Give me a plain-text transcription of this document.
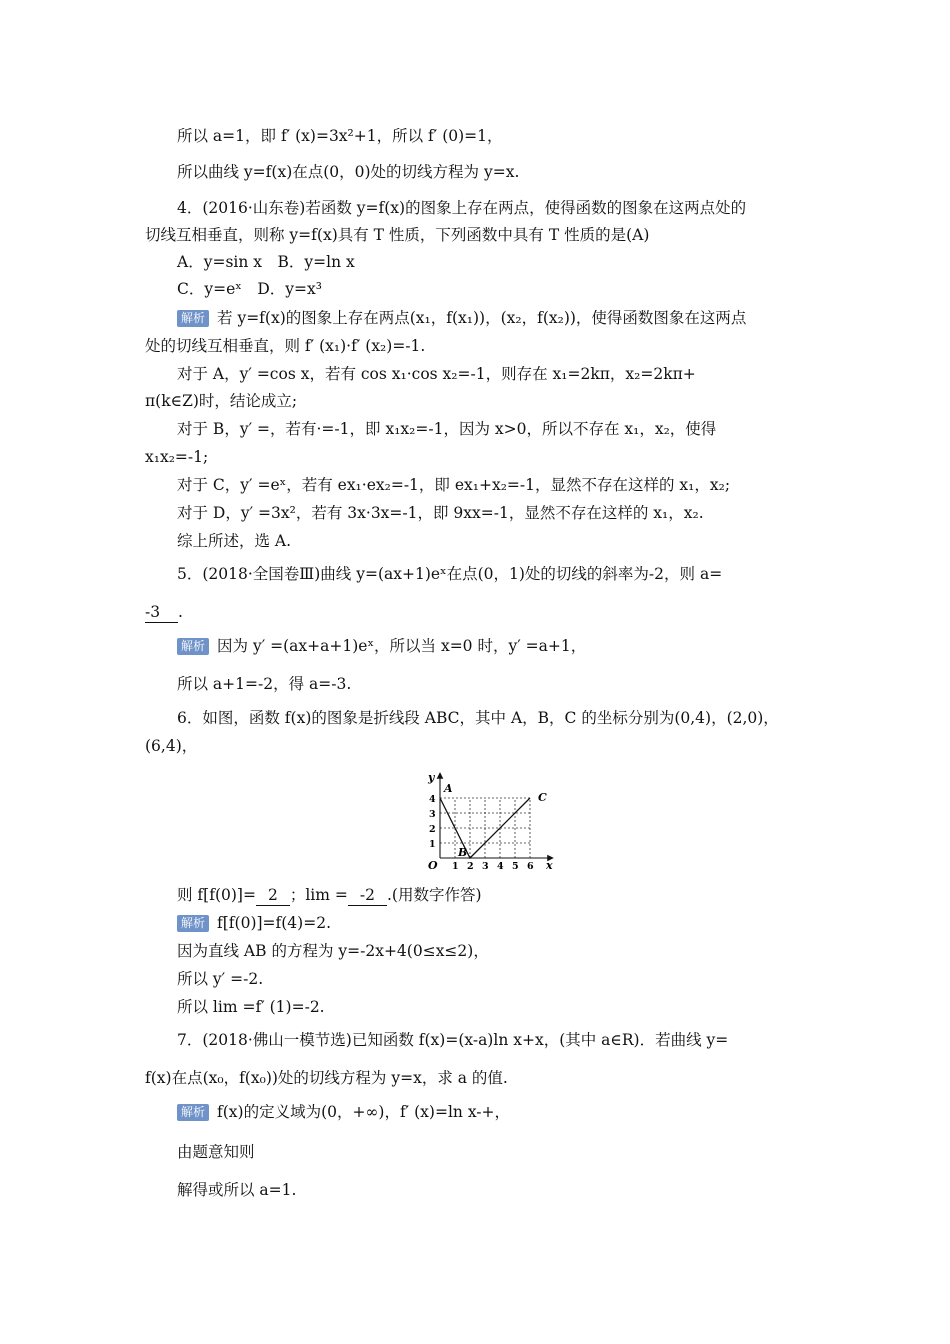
所以 a=1，即 f′ (x)=3x²+1，所以 f′ (0)=1，
所以曲线 y=f(x)在点(0，0)处的切线方程为 y=x.
4．(2016·山东卷)若函数 y=f(x)的图象上存在两点，使得函数的图象在这两点处的
切线互相垂直，则称 y=f(x)具有 T 性质，下列函数中具有 T 性质的是(A)
A．y=sin x　B．y=ln x
C．y=eˣ　D．y=x³
解析 若 y=f(x)的图象上存在两点(x₁，f(x₁))，(x₂，f(x₂))，使得函数图象在这两点
处的切线互相垂直，则 f′ (x₁)·f′ (x₂)=-1.
对于 A，y′ =cos x，若有 cos x₁·cos x₂=-1，则存在 x₁=2kπ，x₂=2kπ+
π(k∈Z)时，结论成立;
对于 B，y′ =，若有·=-1，即 x₁x₂=-1，因为 x>0，所以不存在 x₁，x₂，使得
x₁x₂=-1;
对于 C，y′ =eˣ，若有 ex₁·ex₂=-1，即 ex₁+x₂=-1，显然不存在这样的 x₁，x₂;
对于 D，y′ =3x²，若有 3x·3x=-1，即 9xx=-1，显然不存在这样的 x₁，x₂.
综上所述，选 A.
5．(2018·全国卷Ⅲ)曲线 y=(ax+1)eˣ在点(0，1)处的切线的斜率为-2，则 a=
-3 .
解析 因为 y′ =(ax+a+1)eˣ，所以当 x=0 时，y′ =a+1，
所以 a+1=-2，得 a=-3.
6．如图，函数 f(x)的图象是折线段 ABC，其中 A，B，C 的坐标分别为(0,4)，(2,0)，
(6,4)，
1 2 3 4 5 6
1
2
3
4
y
x
O
A
B
C
则 f[f(0)]= 2 ；lim = -2 .(用数字作答)
解析 f[f(0)]=f(4)=2.
因为直线 AB 的方程为 y=-2x+4(0≤x≤2)，
所以 y′ =-2.
所以 lim =f′ (1)=-2.
7．(2018·佛山一模节选)已知函数 f(x)=(x-a)ln x+x，(其中 a∈R)．若曲线 y=
f(x)在点(x₀，f(x₀))处的切线方程为 y=x，求 a 的值.
解析 f(x)的定义域为(0，+∞)，f′ (x)=ln x-+，
由题意知则
解得或所以 a=1.
